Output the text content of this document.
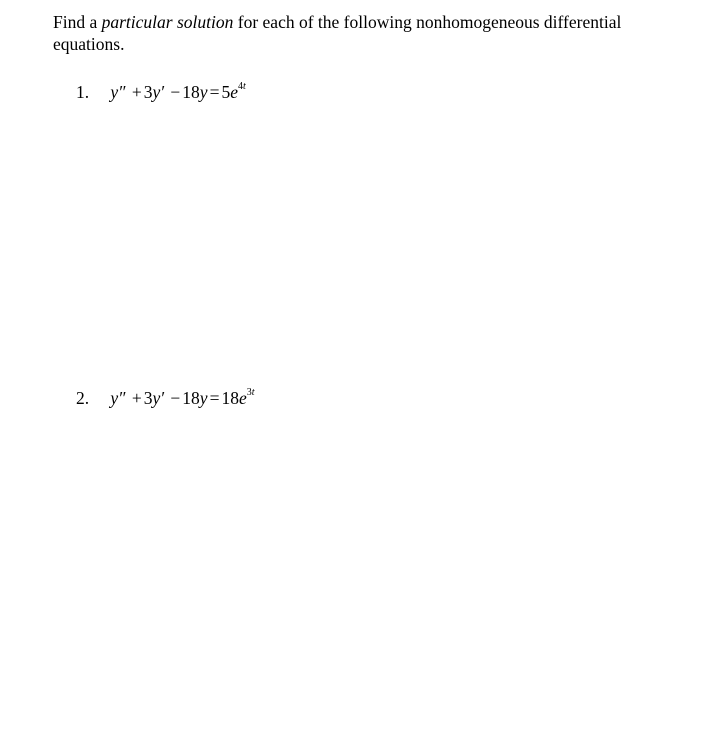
Find a particular solution for each of the following nonhomogeneous differential equations.
1. $y'' + 3y' - 18y = 5e^{4t}$
2. $y'' + 3y' - 18y = 18e^{3t}$
